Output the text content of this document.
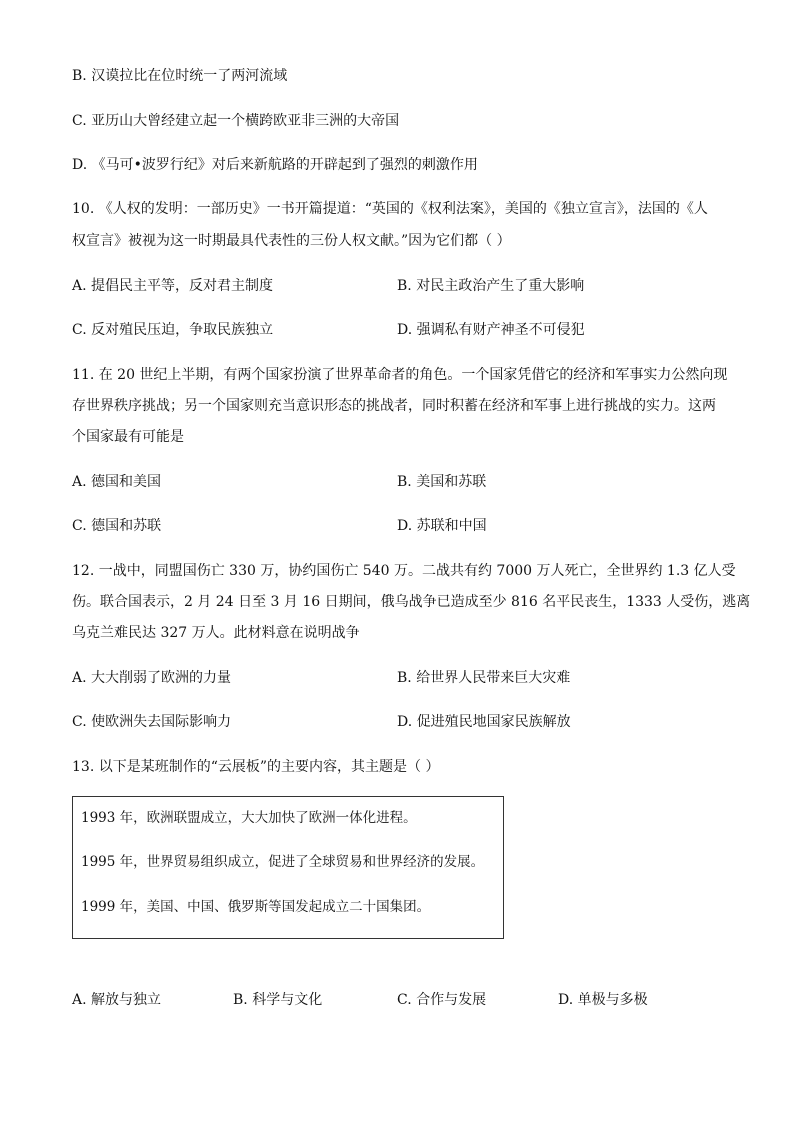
B. 汉谟拉比在位时统一了两河流域
C. 亚历山大曾经建立起一个横跨欧亚非三洲的大帝国
D. 《马可•波罗行纪》对后来新航路的开辟起到了强烈的刺激作用
10. 《人权的发明：一部历史》一书开篇提道：“英国的《权利法案》，美国的《独立宣言》，法国的《人
权宣言》被视为这一时期最具代表性的三份人权文献。”因为它们都（ ）
A. 提倡民主平等，反对君主制度	B. 对民主政治产生了重大影响
C. 反对殖民压迫，争取民族独立	D. 强调私有财产神圣不可侵犯
11. 在 20 世纪上半期，有两个国家扮演了世界革命者的角色。一个国家凭借它的经济和军事实力公然向现
存世界秩序挑战；另一个国家则充当意识形态的挑战者，同时积蓄在经济和军事上进行挑战的实力。这两
个国家最有可能是
A. 德国和美国	B. 美国和苏联
C. 德国和苏联	D. 苏联和中国
12. 一战中，同盟国伤亡 330 万，协约国伤亡 540 万。二战共有约 7000 万人死亡，全世界约 1.3 亿人受
伤。联合国表示，2 月 24 日至 3 月 16 日期间，俄乌战争已造成至少 816 名平民丧生，1333 人受伤，逃离
乌克兰难民达 327 万人。此材料意在说明战争
A. 大大削弱了欧洲的力量	B. 给世界人民带来巨大灾难
C. 使欧洲失去国际影响力	D. 促进殖民地国家民族解放
13. 以下是某班制作的“云展板”的主要内容，其主题是（ ）
1993 年，欧洲联盟成立，大大加快了欧洲一体化进程。
1995 年，世界贸易组织成立，促进了全球贸易和世界经济的发展。
1999 年，美国、中国、俄罗斯等国发起成立二十国集团。
A. 解放与独立	B. 科学与文化	C. 合作与发展	D. 单极与多极
